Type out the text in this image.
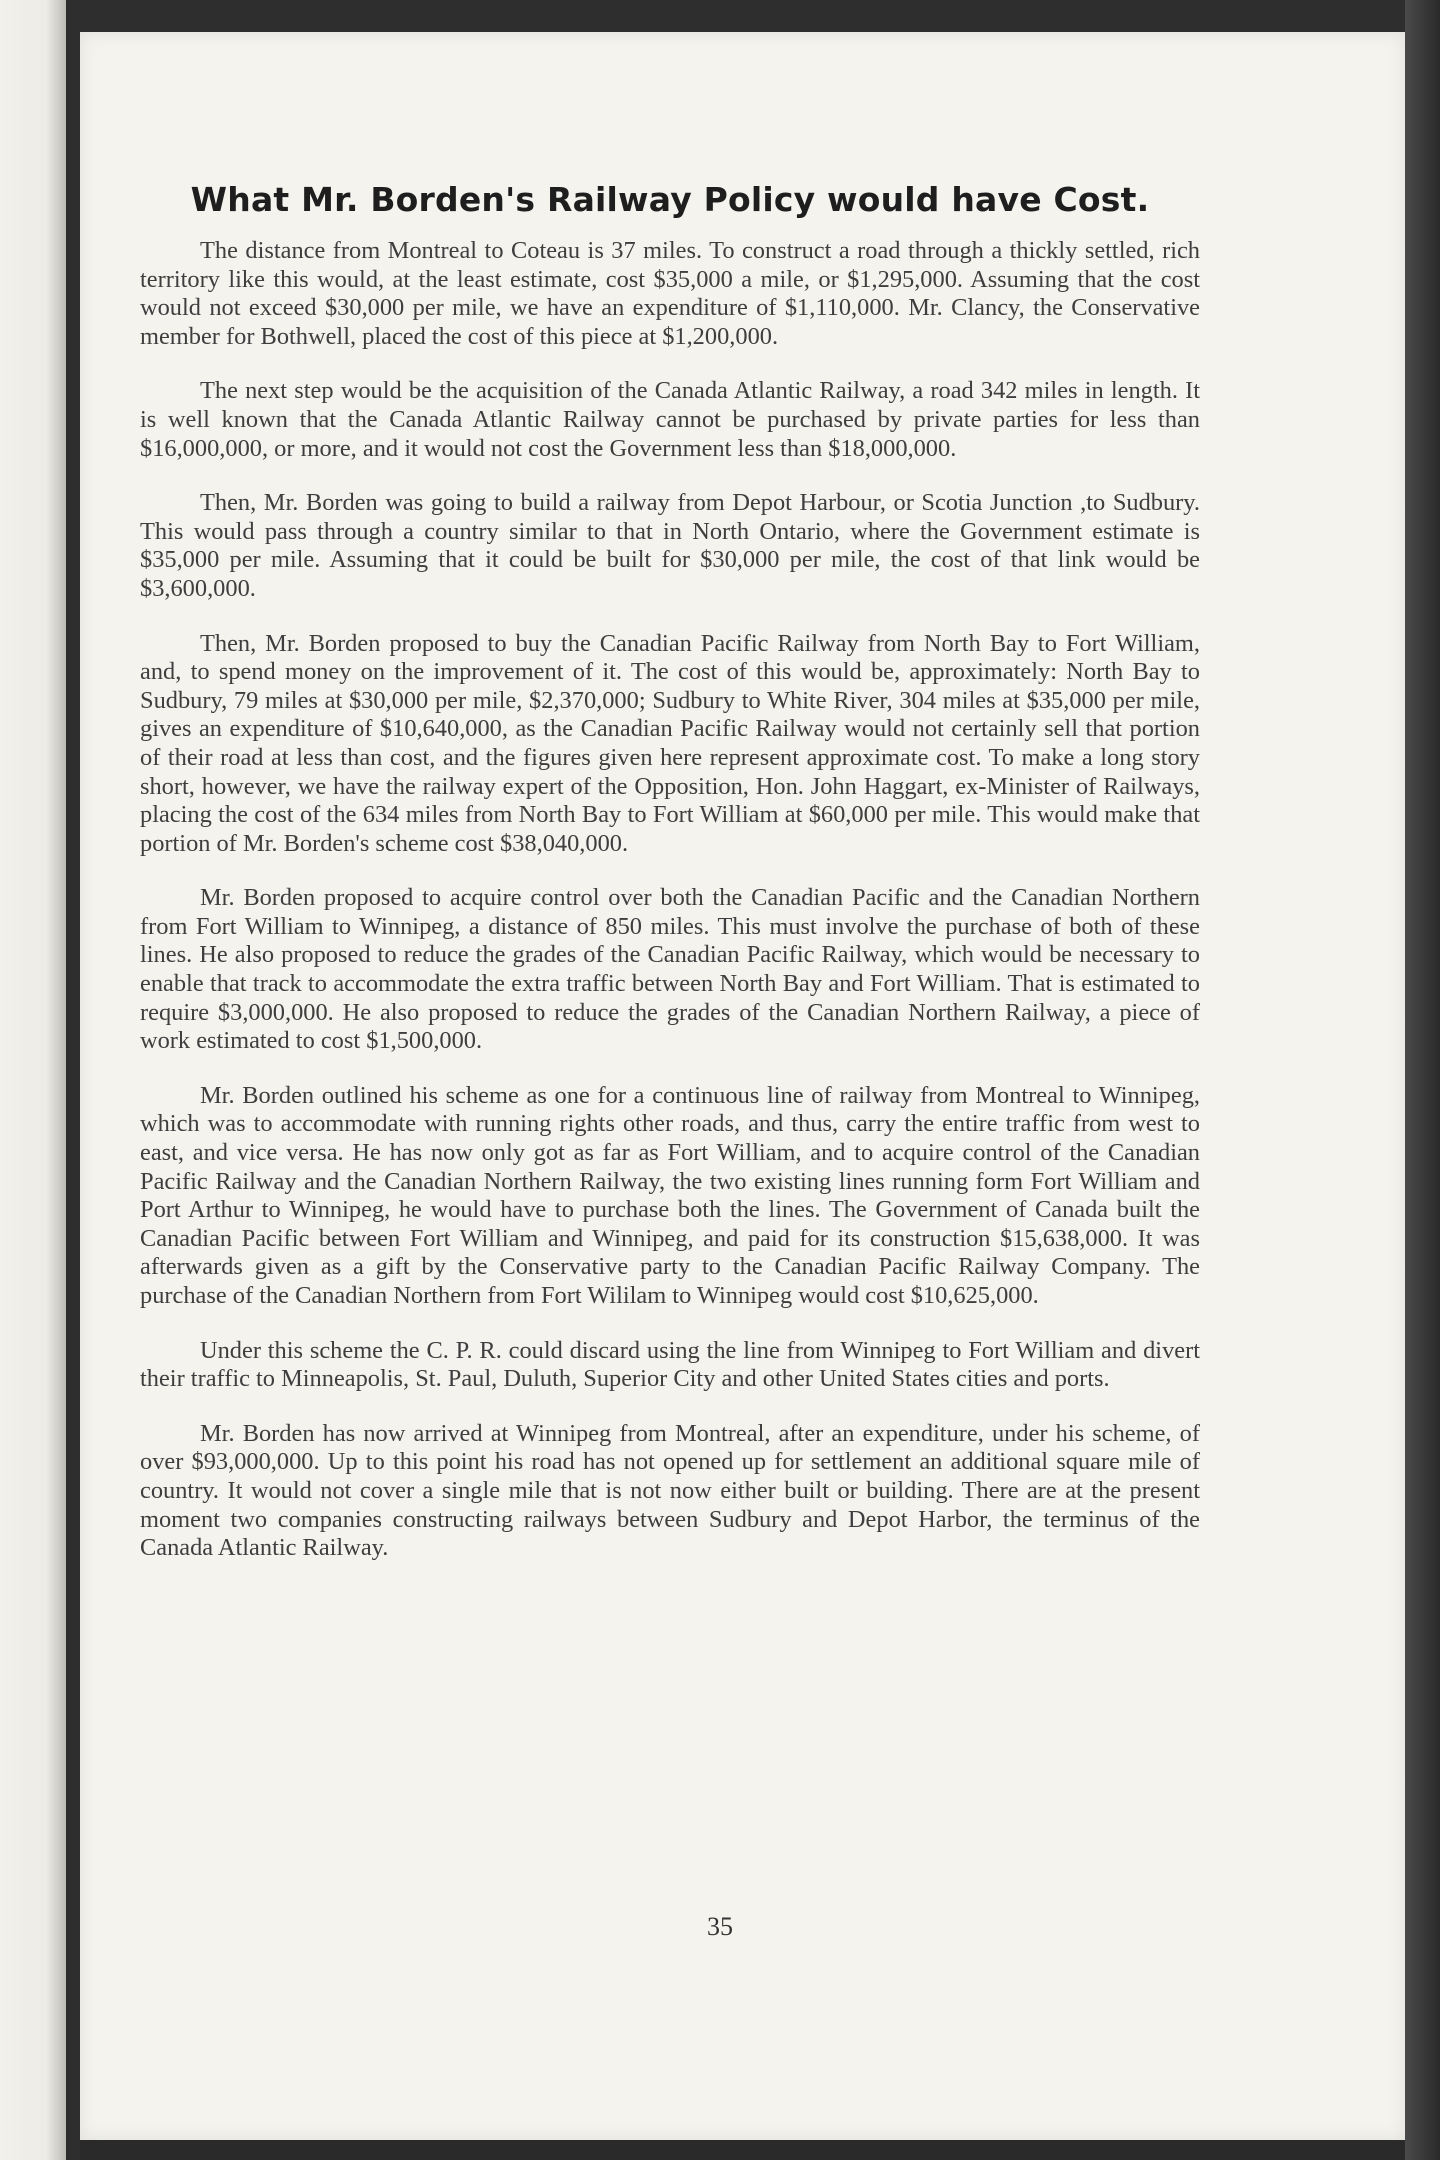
What Mr. Borden's Railway Policy would have Cost.

The distance from Montreal to Coteau is 37 miles. To construct a road through a thickly settled, rich territory like this would, at the least estimate, cost $35,000 a mile, or $1,295,000. Assuming that the cost would not exceed $30,000 per mile, we have an expenditure of $1,110,000. Mr. Clancy, the Conservative member for Bothwell, placed the cost of this piece at $1,200,000.

The next step would be the acquisition of the Canada Atlantic Railway, a road 342 miles in length. It is well known that the Canada Atlantic Railway cannot be purchased by private parties for less than $16,000,000, or more, and it would not cost the Government less than $18,000,000.

Then, Mr. Borden was going to build a railway from Depot Harbour, or Scotia Junction ,to Sudbury. This would pass through a country similar to that in North Ontario, where the Government estimate is $35,000 per mile. Assuming that it could be built for $30,000 per mile, the cost of that link would be $3,600,000.

Then, Mr. Borden proposed to buy the Canadian Pacific Railway from North Bay to Fort William, and, to spend money on the improvement of it. The cost of this would be, approximately: North Bay to Sudbury, 79 miles at $30,000 per mile, $2,370,000; Sudbury to White River, 304 miles at $35,000 per mile, gives an expenditure of $10,640,000, as the Canadian Pacific Railway would not certainly sell that portion of their road at less than cost, and the figures given here represent approximate cost. To make a long story short, however, we have the railway expert of the Opposition, Hon. John Haggart, ex-Minister of Railways, placing the cost of the 634 miles from North Bay to Fort William at $60,000 per mile. This would make that portion of Mr. Borden's scheme cost $38,040,000.

Mr. Borden proposed to acquire control over both the Canadian Pacific and the Canadian Northern from Fort William to Winnipeg, a distance of 850 miles. This must involve the purchase of both of these lines. He also proposed to reduce the grades of the Canadian Pacific Railway, which would be necessary to enable that track to accommodate the extra traffic between North Bay and Fort William. That is estimated to require $3,000,000. He also proposed to reduce the grades of the Canadian Northern Railway, a piece of work estimated to cost $1,500,000.

Mr. Borden outlined his scheme as one for a continuous line of railway from Montreal to Winnipeg, which was to accommodate with running rights other roads, and thus, carry the entire traffic from west to east, and vice versa. He has now only got as far as Fort William, and to acquire control of the Canadian Pacific Railway and the Canadian Northern Railway, the two existing lines running form Fort William and Port Arthur to Winnipeg, he would have to purchase both the lines. The Government of Canada built the Canadian Pacific between Fort William and Winnipeg, and paid for its construction $15,638,000. It was afterwards given as a gift by the Conservative party to the Canadian Pacific Railway Company. The purchase of the Canadian Northern from Fort Wililam to Winnipeg would cost $10,625,000.

Under this scheme the C. P. R. could discard using the line from Winnipeg to Fort William and divert their traffic to Minneapolis, St. Paul, Duluth, Superior City and other United States cities and ports.

Mr. Borden has now arrived at Winnipeg from Montreal, after an expenditure, under his scheme, of over $93,000,000. Up to this point his road has not opened up for settlement an additional square mile of country. It would not cover a single mile that is not now either built or building. There are at the present moment two companies constructing railways between Sudbury and Depot Harbor, the terminus of the Canada Atlantic Railway.

35
